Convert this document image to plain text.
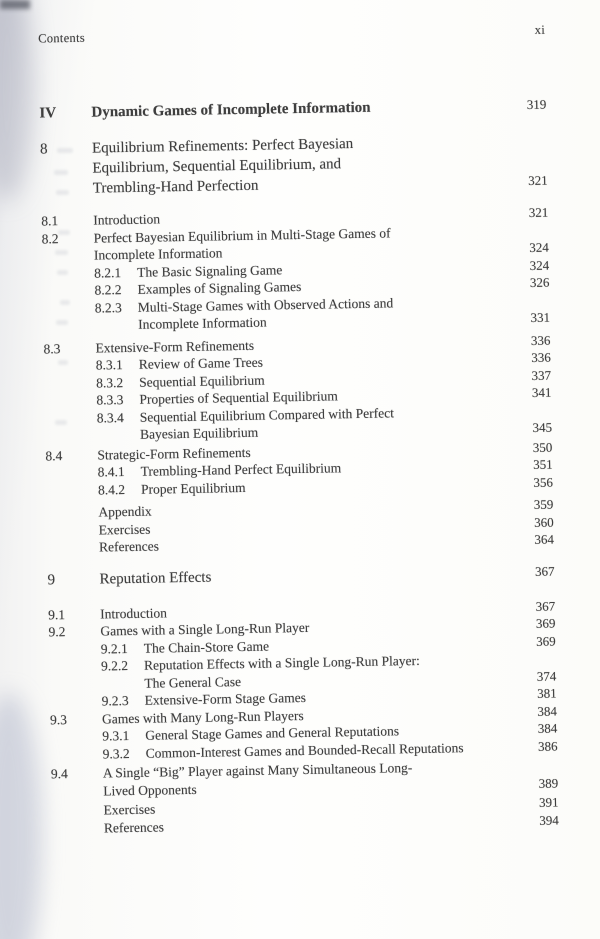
Contents
xi
IV	Dynamic Games of Incomplete Information	319
8	Equilibrium Refinements: Perfect Bayesian
Equilibrium, Sequential Equilibrium, and
Trembling-Hand Perfection	321
8.1	Introduction	321
8.2	Perfect Bayesian Equilibrium in Multi-Stage Games of
Incomplete Information	324
8.2.1	The Basic Signaling Game	324
8.2.2	Examples of Signaling Games	326
8.2.3	Multi-Stage Games with Observed Actions and
Incomplete Information	331
8.3	Extensive-Form Refinements	336
8.3.1	Review of Game Trees	336
8.3.2	Sequential Equilibrium	337
8.3.3	Properties of Sequential Equilibrium	341
8.3.4	Sequential Equilibrium Compared with Perfect
Bayesian Equilibrium	345
8.4	Strategic-Form Refinements	350
8.4.1	Trembling-Hand Perfect Equilibrium	351
8.4.2	Proper Equilibrium	356
Appendix	359
Exercises	360
References	364
9	Reputation Effects	367
9.1	Introduction	367
9.2	Games with a Single Long-Run Player	369
9.2.1	The Chain-Store Game	369
9.2.2	Reputation Effects with a Single Long-Run Player:
The General Case	374
9.2.3	Extensive-Form Stage Games	381
9.3	Games with Many Long-Run Players	384
9.3.1	General Stage Games and General Reputations	384
9.3.2	Common-Interest Games and Bounded-Recall Reputations	386
9.4	A Single “Big” Player against Many Simultaneous Long-
Lived Opponents	389
Exercises	391
References	394
